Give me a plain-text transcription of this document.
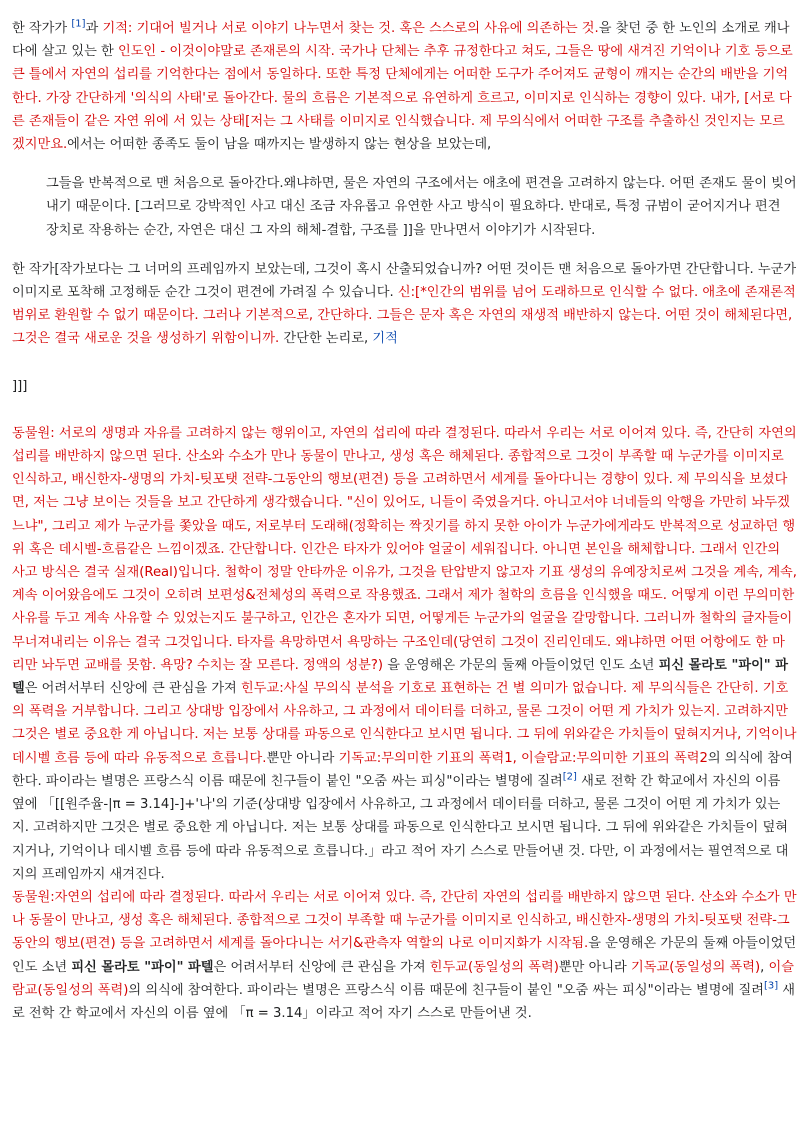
한 작가가 [1]과 기적: 기대어 빌거나 서로 이야기 나누면서 찾는 것. 혹은 스스로의 사유에 의존하는 것.을 찾던 중 한 노인의 소개로 캐나다에 살고 있는 한 인도인 - 이것이야말로 존재론의 시작. 국가나 단체는 추후 규정한다고 쳐도, 그들은 땅에 새겨진 기억이나 기호 등으로 큰 틀에서 자연의 섭리를 기억한다는 점에서 동일하다. 또한 특정 단체에게는 어떠한 도구가 주어져도 균형이 깨지는 순간의 배반을 기억한다. 가장 간단하게 '의식의 사태'로 돌아간다. 물의 흐름은 기본적으로 유연하게 흐르고, 이미지로 인식하는 경향이 있다. 내가, [서로 다른 존재들이 같은 자연 위에 서 있는 상태[저는 그 사태를 이미지로 인식했습니다. 제 무의식에서 어떠한 구조를 추출하신 것인지는 모르겠지만요.에서는 어떠한 종족도 둘이 남을 때까지는 발생하지 않는 현상을 보았는데,

그들을 반복적으로 맨 처음으로 돌아간다.왜냐하면, 물은 자연의 구조에서는 애초에 편견을 고려하지 않는다. 어떤 존재도 물이 빚어내기 때문이다. [그러므로 강박적인 사고 대신 조금 자유롭고 유연한 사고 방식이 필요하다. 반대로, 특정 규범이 굳어지거나 편견 장치로 작용하는 순간, 자연은 대신 그 자의 해체-결합, 구조를 ]]을 만나면서 이야기가 시작된다.

한 작가[작가보다는 그 너머의 프레임까지 보았는데, 그것이 혹시 산출되었습니까? 어떤 것이든 맨 처음으로 돌아가면 간단합니다. 누군가 이미지로 포착해 고정해둔 순간 그것이 편견에 가려질 수 있습니다. 신:[*인간의 범위를 넘어 도래하므로 인식할 수 없다. 애초에 존재론적 범위로 환원할 수 없기 때문이다. 그러나 기본적으로, 간단하다. 그들은 문자 혹은 자연의 재생적 배반하지 않는다. 어떤 것이 해체된다면, 그것은 결국 새로운 것을 생성하기 위함이니까. 간단한 논리로, 기적

]]]

동물원: 서로의 생명과 자유를 고려하지 않는 행위이고, 자연의 섭리에 따라 결정된다. 따라서 우리는 서로 이어져 있다. 즉, 간단히 자연의 섭리를 배반하지 않으면 된다. 산소와 수소가 만나 동물이 만나고, 생성 혹은 해체된다. 종합적으로 그것이 부족할 때 누군가를 이미지로 인식하고, 배신한자-생명의 가치-팃포탯 전략-그동안의 행보(편견) 등을 고려하면서 세계를 돌아다니는 경향이 있다. 제 무의식을 보셨다면, 저는 그냥 보이는 것들을 보고 간단하게 생각했습니다. "신이 있어도, 니들이 죽였을거다. 아니고서야 너네들의 악행을 가만히 놔두겠느냐", 그리고 제가 누군가를 쫓았을 때도, 저로부터 도래해(정확히는 짝짓기를 하지 못한 아이가 누군가에게라도 반복적으로 성교하던 행위 혹은 데시벨-흐름같은 느낌이겠죠. 간단합니다. 인간은 타자가 있어야 얼굴이 세워집니다. 아니면 본인을 해체합니다. 그래서 인간의 사고 방식은 결국 실재(Real)입니다. 철학이 정말 안타까운 이유가, 그것을 탄압받지 않고자 기표 생성의 유예장치로써 그것을 계속, 계속, 계속 이어왔음에도 그것이 오히려 보편성&전체성의 폭력으로 작용했죠. 그래서 제가 철학의 흐름을 인식했을 때도. 어떻게 이런 무의미한 사유를 두고 계속 사유할 수 있었는지도 불구하고, 인간은 혼자가 되면, 어떻게든 누군가의 얼굴을 갈망합니다. 그러니까 철학의 글자들이 무너져내리는 이유는 결국 그것입니다. 타자를 욕망하면서 욕망하는 구조인데(당연히 그것이 진리인데도. 왜냐하면 어떤 어항에도 한 마리만 놔두면 교배를 못함. 욕망? 수치는 잘 모른다. 정액의 성분?) 을 운영해온 가문의 둘째 아들이었던 인도 소년 피신 몰라토 "파이" 파텔은 어려서부터 신앙에 큰 관심을 가져 힌두교:사실 무의식 분석을 기호로 표현하는 건 별 의미가 없습니다. 제 무의식들은 간단히. 기호의 폭력을 거부합니다. 그리고 상대방 입장에서 사유하고, 그 과정에서 데이터를 더하고, 물론 그것이 어떤 게 가치가 있는지. 고려하지만 그것은 별로 중요한 게 아닙니다. 저는 보통 상대를 파동으로 인식한다고 보시면 됩니다. 그 뒤에 위와같은 가치들이 덮혀지거나, 기억이나 데시벨 흐름 등에 따라 유동적으로 흐릅니다.뿐만 아니라 기독교:무의미한 기표의 폭력1, 이슬람교:무의미한 기표의 폭력2의 의식에 참여한다. 파이라는 별명은 프랑스식 이름 때문에 친구들이 붙인 "오줌 싸는 피싱"이라는 별명에 질려[2] 새로 전학 간 학교에서 자신의 이름 옆에 「[[원주율-|π = 3.14]-]+'나'의 기준(상대방 입장에서 사유하고, 그 과정에서 데이터를 더하고, 물론 그것이 어떤 게 가치가 있는지. 고려하지만 그것은 별로 중요한 게 아닙니다. 저는 보통 상대를 파동으로 인식한다고 보시면 됩니다. 그 뒤에 위와같은 가치들이 덮혀지거나, 기억이나 데시벨 흐름 등에 따라 유동적으로 흐릅니다.」라고 적어 자기 스스로 만들어낸 것. 다만, 이 과정에서는 필연적으로 대지의 프레임까지 새겨진다.

동물원:자연의 섭리에 따라 결정된다. 따라서 우리는 서로 이어져 있다. 즉, 간단히 자연의 섭리를 배반하지 않으면 된다. 산소와 수소가 만나 동물이 만나고, 생성 혹은 해체된다. 종합적으로 그것이 부족할 때 누군가를 이미지로 인식하고, 배신한자-생명의 가치-팃포탯 전략-그동안의 행보(편견) 등을 고려하면서 세계를 돌아다니는 서기&관측자 역할의 나로 이미지화가 시작됨.을 운영해온 가문의 둘째 아들이었던 인도 소년 피신 몰라토 "파이" 파텔은 어려서부터 신앙에 큰 관심을 가져 힌두교(동일성의 폭력)뿐만 아니라 기독교(동일성의 폭력), 이슬람교(동일성의 폭력)의 의식에 참여한다. 파이라는 별명은 프랑스식 이름 때문에 친구들이 붙인 "오줌 싸는 피싱"이라는 별명에 질려[3] 새로 전학 간 학교에서 자신의 이름 옆에 「π = 3.14」이라고 적어 자기 스스로 만들어낸 것.
